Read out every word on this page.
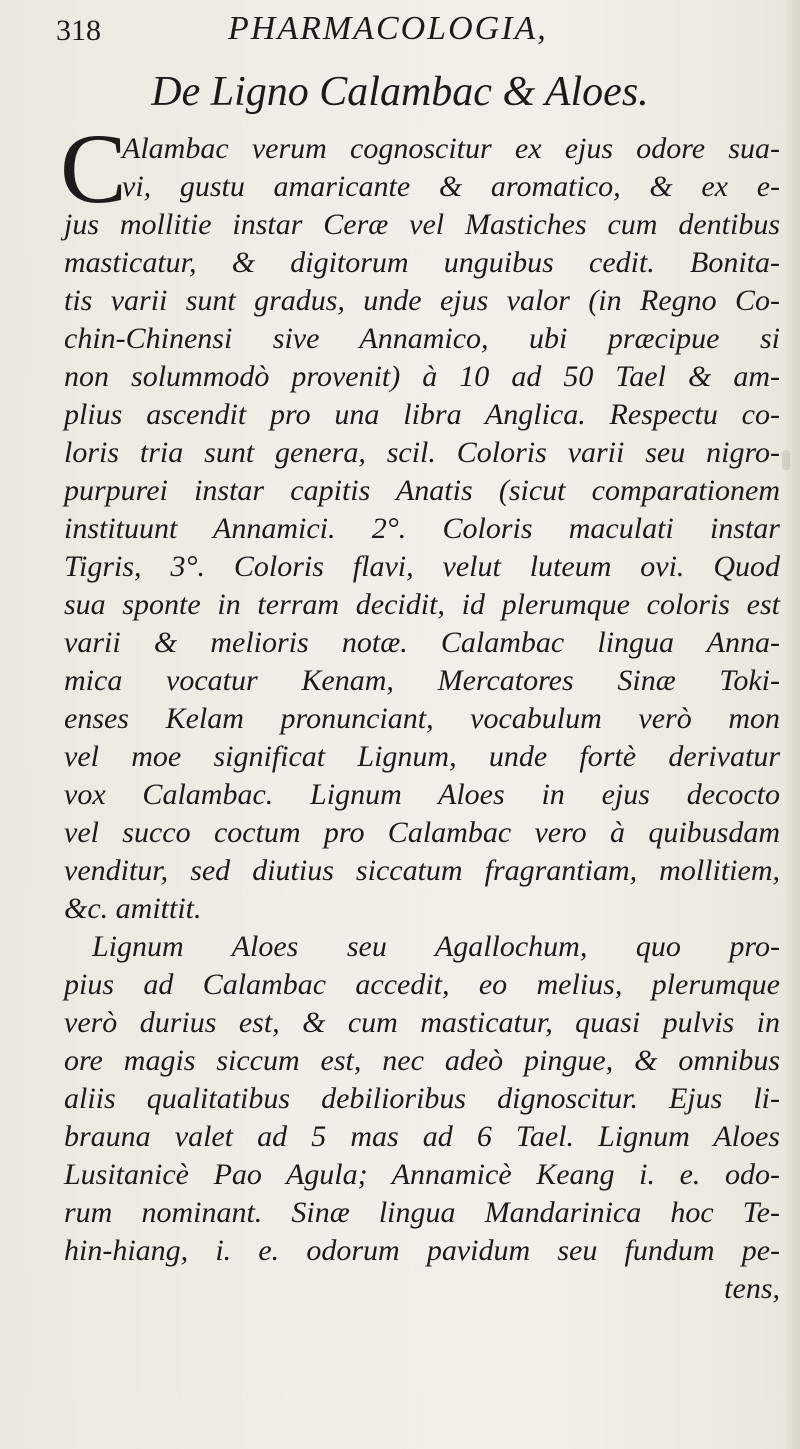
318	PHARMACOLOGIA,
De Ligno Calambac & Aloes.
C
Alambac verum cognoscitur ex ejus odore sua-
vi, gustu amaricante & aromatico, & ex e-
jus mollitie instar Ceræ vel Mastiches cum dentibus
masticatur, & digitorum unguibus cedit. Bonita-
tis varii sunt gradus, unde ejus valor (in Regno Co-
chin-Chinensi sive Annamico, ubi præcipue si
non solummodò provenit) à 10 ad 50 Tael & am-
plius ascendit pro una libra Anglica. Respectu co-
loris tria sunt genera, scil. Coloris varii seu nigro-
purpurei instar capitis Anatis (sicut comparationem
instituunt Annamici. 2°. Coloris maculati instar
Tigris, 3°. Coloris flavi, velut luteum ovi. Quod
sua sponte in terram decidit, id plerumque coloris est
varii & melioris notæ. Calambac lingua Anna-
mica vocatur Kenam, Mercatores Sinæ Toki-
enses Kelam pronunciant, vocabulum verò mon
vel moe significat Lignum, unde fortè derivatur
vox Calambac. Lignum Aloes in ejus decocto
vel succo coctum pro Calambac vero à quibusdam
venditur, sed diutius siccatum fragrantiam, mollitiem,
&c. amittit.
Lignum Aloes seu Agallochum, quo pro-
pius ad Calambac accedit, eo melius, plerumque
verò durius est, & cum masticatur, quasi pulvis in
ore magis siccum est, nec adeò pingue, & omnibus
aliis qualitatibus debilioribus dignoscitur. Ejus li-
brauna valet ad 5 mas ad 6 Tael. Lignum Aloes
Lusitanicè Pao Agula; Annamicè Keang i. e. odo-
rum nominant. Sinæ lingua Mandarinica hoc Te-
hin-hiang, i. e. odorum pavidum seu fundum pe-
tens,
